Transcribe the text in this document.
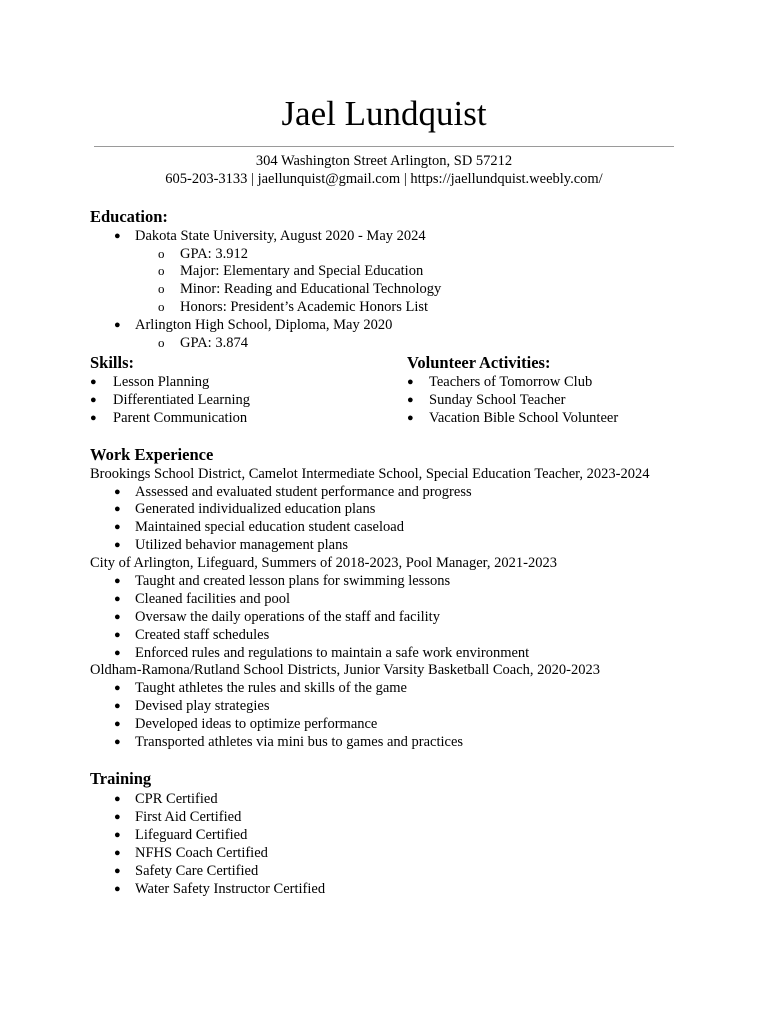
Jael Lundquist
304 Washington Street Arlington, SD 57212
605-203-3133 | jaellunquist@gmail.com | https://jaellundquist.weebly.com/
Education:
● Dakota State University, August 2020 - May 2024
o GPA: 3.912
o Major: Elementary and Special Education
o Minor: Reading and Educational Technology
o Honors: President’s Academic Honors List
● Arlington High School, Diploma, May 2020
o GPA: 3.874
Skills:
● Lesson Planning
● Differentiated Learning
● Parent Communication
Volunteer Activities:
● Teachers of Tomorrow Club
● Sunday School Teacher
● Vacation Bible School Volunteer
Work Experience
Brookings School District, Camelot Intermediate School, Special Education Teacher, 2023-2024
● Assessed and evaluated student performance and progress
● Generated individualized education plans
● Maintained special education student caseload
● Utilized behavior management plans
City of Arlington, Lifeguard, Summers of 2018-2023, Pool Manager, 2021-2023
● Taught and created lesson plans for swimming lessons
● Cleaned facilities and pool
● Oversaw the daily operations of the staff and facility
● Created staff schedules
● Enforced rules and regulations to maintain a safe work environment
Oldham-Ramona/Rutland School Districts, Junior Varsity Basketball Coach, 2020-2023
● Taught athletes the rules and skills of the game
● Devised play strategies
● Developed ideas to optimize performance
● Transported athletes via mini bus to games and practices
Training
● CPR Certified
● First Aid Certified
● Lifeguard Certified
● NFHS Coach Certified
● Safety Care Certified
● Water Safety Instructor Certified
